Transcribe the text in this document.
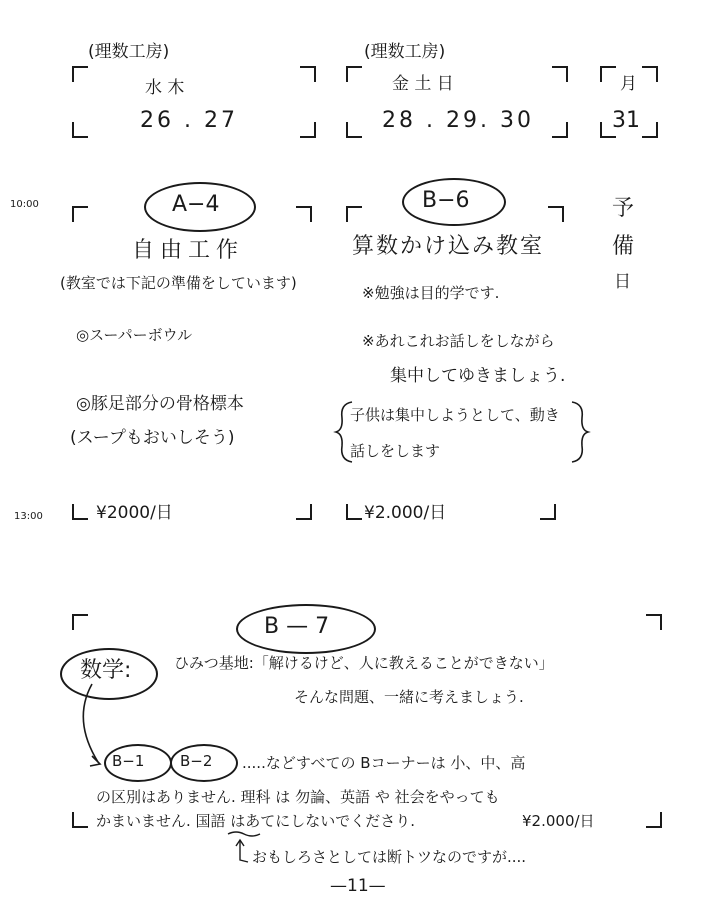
(理数工房)
水 木
26 . 27
(理数工房)
金 土 日
28 . 29. 30
月
31
10:00
13:00
A−4
自由工作
(教室では下記の準備をしています)
◎スーパーボウル
◎豚足部分の骨格標本
(スープもおいしそう)
¥2000/日
B−6
算数かけ込み教室
※勉強は目的学です.
※あれこれお話しをしながら
集中してゆきましょう.
子供は集中しようとして、動き
話しをします
¥2.000/日
予
備
日
B — 7
数学:	ひみつ基地:「解けるけど、人に教えることができない」
そんな問題、一緒に考えましょう.
B−1 B−2 .....などすべての Bコーナーは 小、中、高
の区別はありません. 理科 は 勿論、英語 や 社会をやっても
かまいません. 国語 はあてにしないでくださり.	¥2.000/日
おもしろさとしては断トツなのですが....
—11—
